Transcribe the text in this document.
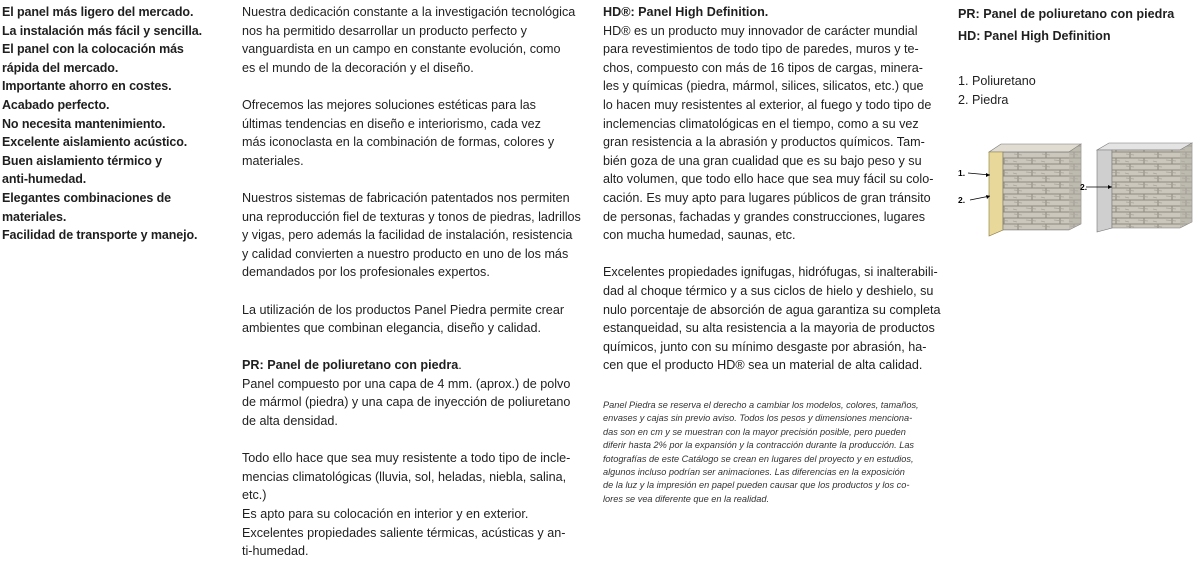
El panel más ligero del mercado.
La instalación más fácil y sencilla.
El panel con la colocación más
rápida del mercado.
Importante ahorro en costes.
Acabado perfecto.
No necesita mantenimiento.
Excelente aislamiento acústico.
Buen aislamiento térmico y
anti-humedad.
Elegantes combinaciones de
materiales.
Facilidad de transporte y manejo.
Nuestra dedicación constante a la investigación tecnológica
nos ha permitido desarrollar un producto perfecto y
vanguardista en un campo en constante evolución, como
es el mundo de la decoración y el diseño.
Ofrecemos las mejores soluciones estéticas para las
últimas tendencias en diseño e interiorismo, cada vez
más iconoclasta en la combinación de formas, colores y
materiales.
Nuestros sistemas de fabricación patentados nos permiten
una reproducción fiel de texturas y tonos de piedras, ladrillos
y vigas, pero además la facilidad de instalación, resistencia
y calidad convierten a nuestro producto en uno de los más
demandados por los profesionales expertos.
La utilización de los productos Panel Piedra permite crear
ambientes que combinan elegancia, diseño y calidad.
PR: Panel de poliuretano con piedra.
Panel compuesto por una capa de 4 mm. (aprox.) de polvo
de mármol (piedra) y una capa de inyección de poliuretano
de alta densidad.
Todo ello hace que sea muy resistente a todo tipo de incle-
mencias climatológicas (lluvia, sol, heladas, niebla, salina,
etc.)
Es apto para su colocación en interior y en exterior.
Excelentes propiedades saliente térmicas, acústicas y an-
ti-humedad.
HD®: Panel High Definition.
HD® es un producto muy innovador de carácter mundial
para revestimientos de todo tipo de paredes, muros y te-
chos, compuesto con más de 16 tipos de cargas, minera-
les y químicas (piedra, mármol, silices, silicatos, etc.) que
lo hacen muy resistentes al exterior, al fuego y todo tipo de
inclemencias climatológicas en el tiempo, como a su vez
gran resistencia a la abrasión y productos químicos. Tam-
bién goza de una gran cualidad que es su bajo peso y su
alto volumen, que todo ello hace que sea muy fácil su colo-
cación. Es muy apto para lugares públicos de gran tránsito
de personas, fachadas y grandes construcciones, lugares
con mucha humedad, saunas, etc.
Excelentes propiedades ignifugas, hidrófugas, si inalterabili-
dad al choque térmico y a sus ciclos de hielo y deshielo, su
nulo porcentaje de absorción de agua garantiza su completa
estanqueidad, su alta resistencia a la mayoria de productos
químicos, junto con su mínimo desgaste por abrasión, ha-
cen que el producto HD® sea un material de alta calidad.
Panel Piedra se reserva el derecho a cambiar los modelos, colores, tamaños,
envases y cajas sin previo aviso. Todos los pesos y dimensiones menciona-
das son en cm y se muestran con la mayor precisión posible, pero pueden
diferir hasta 2% por la expansión y la contracción durante la producción. Las
fotografías de este Catálogo se crean en lugares del proyecto y en estudios,
algunos incluso podrían ser animaciones. Las diferencias en la exposición
de la luz y la impresión en papel pueden causar que los productos y los co-
lores se vea diferente que en la realidad.
PR: Panel de poliuretano con piedra
HD: Panel High Definition
1. Poliuretano
2. Piedra
1.
2.
2.
